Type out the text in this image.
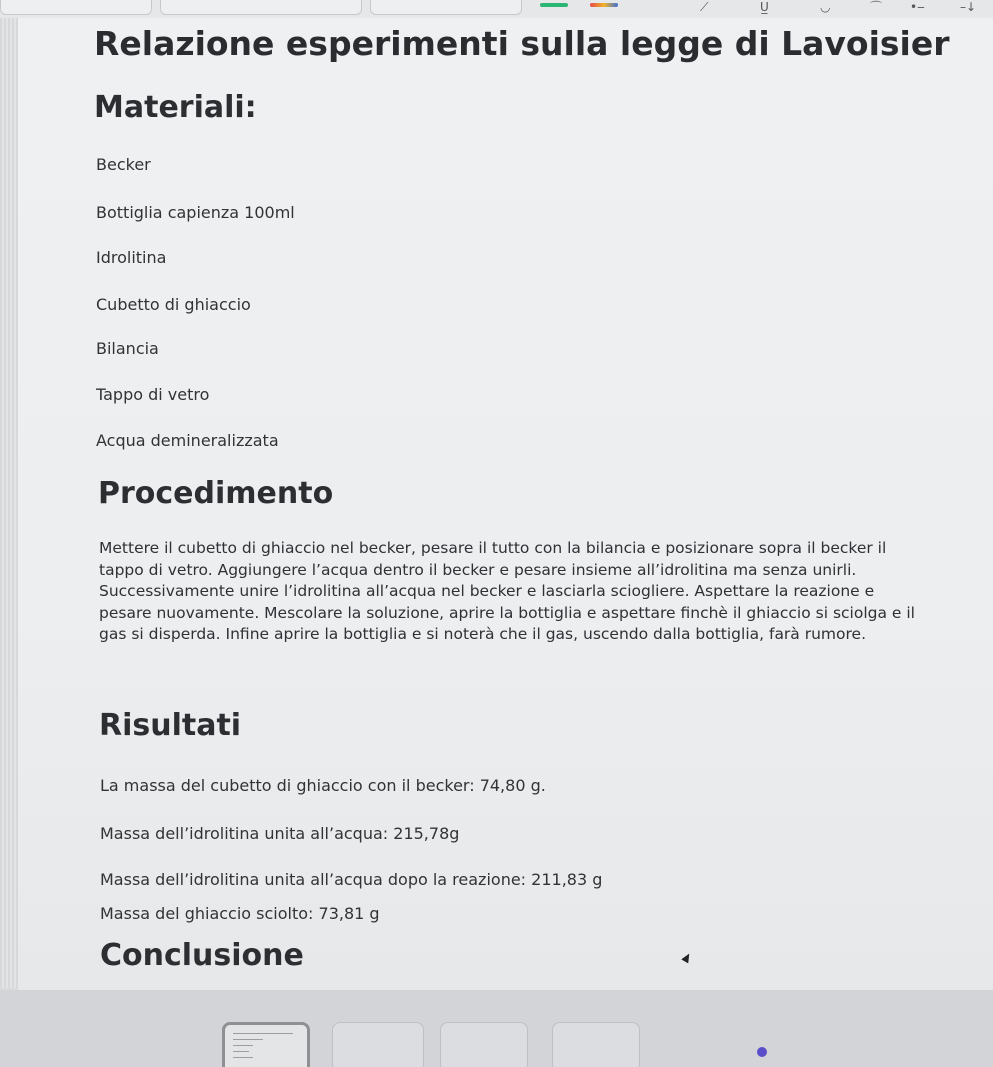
⟋	U̲	◡	⌒ •‒	–↓
Relazione esperimenti sulla legge di Lavoisier
Materiali:
Becker
Bottiglia capienza 100ml
Idrolitina
Cubetto di ghiaccio
Bilancia
Tappo di vetro
Acqua demineralizzata
Procedimento
Mettere il cubetto di ghiaccio nel becker, pesare il tutto con la bilancia e posizionare sopra il becker il tappo di vetro. Aggiungere l’acqua dentro il becker e pesare insieme all’idrolitina ma senza unirli. Successivamente unire l’idrolitina all’acqua nel becker e lasciarla sciogliere. Aspettare la reazione e pesare nuovamente. Mescolare la soluzione, aprire la bottiglia e aspettare finchè il ghiaccio si sciolga e il gas si disperda. Infine aprire la bottiglia e si noterà che il gas, uscendo dalla bottiglia, farà rumore.
Risultati
La massa del cubetto di ghiaccio con il becker: 74,80 g.
Massa dell’idrolitina unita all’acqua: 215,78g
Massa dell’idrolitina unita all’acqua dopo la reazione: 211,83 g
Massa del ghiaccio sciolto: 73,81 g
Conclusione
